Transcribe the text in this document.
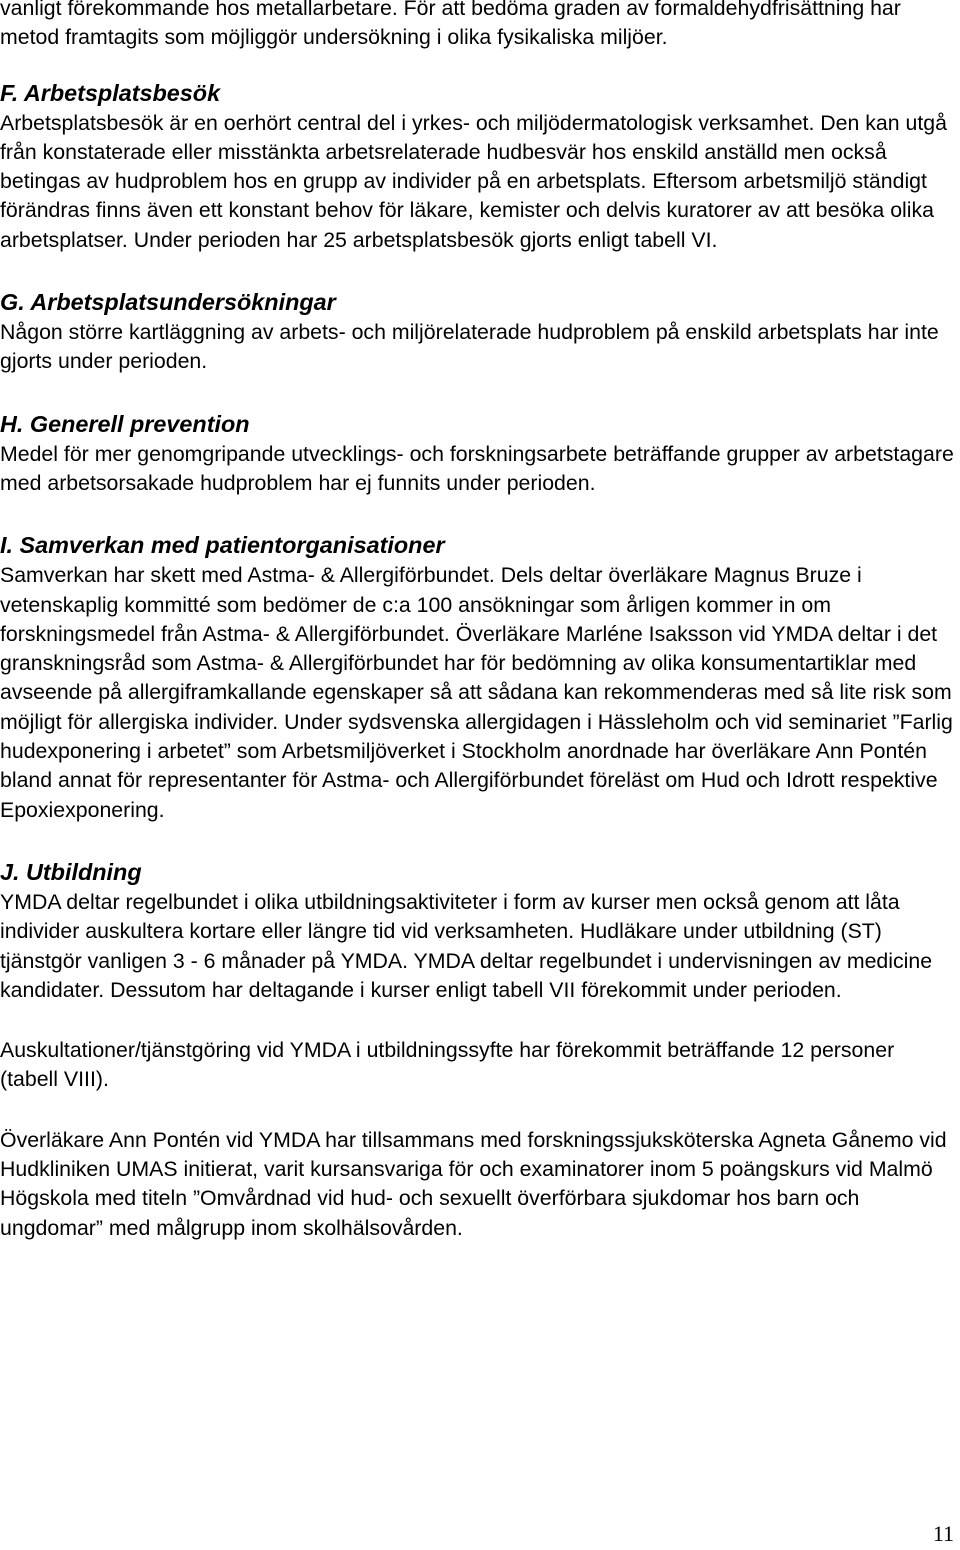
vanligt förekommande hos metallarbetare. För att bedöma graden av formaldehydfrisättning har metod framtagits som möjliggör undersökning i olika fysikaliska miljöer.

F. Arbetsplatsbesök

Arbetsplatsbesök är en oerhört central del i yrkes- och miljödermatologisk verksamhet. Den kan utgå från konstaterade eller misstänkta arbetsrelaterade hudbesvär hos enskild anställd men också betingas av hudproblem hos en grupp av individer på en arbetsplats. Eftersom arbetsmiljö ständigt förändras finns även ett konstant behov för läkare, kemister och delvis kuratorer av att besöka olika arbetsplatser. Under perioden har 25 arbetsplatsbesök gjorts enligt tabell VI.

G. Arbetsplatsundersökningar

Någon större kartläggning av arbets- och miljörelaterade hudproblem på enskild arbetsplats har inte gjorts under perioden.

H. Generell prevention

Medel för mer genomgripande utvecklings- och forskningsarbete beträffande grupper av arbetstagare med arbetsorsakade hudproblem har ej funnits under perioden.

I. Samverkan med patientorganisationer

Samverkan har skett med Astma- & Allergiförbundet. Dels deltar överläkare Magnus Bruze i vetenskaplig kommitté som bedömer de c:a 100 ansökningar som årligen kommer in om forskningsmedel från Astma- & Allergiförbundet. Överläkare Marléne Isaksson vid YMDA deltar i det granskningsråd som Astma- & Allergiförbundet har för bedömning av olika konsumentartiklar med avseende på allergiframkallande egenskaper så att sådana kan rekommenderas med så lite risk som möjligt för allergiska individer. Under sydsvenska allergidagen i Hässleholm och vid seminariet ”Farlig hudexponering i arbetet” som Arbetsmiljöverket i Stockholm anordnade har överläkare Ann Pontén bland annat för representanter för Astma- och Allergiförbundet föreläst om Hud och Idrott respektive Epoxiexponering.

J. Utbildning

YMDA deltar regelbundet i olika utbildningsaktiviteter i form av kurser men också genom att låta individer auskultera kortare eller längre tid vid verksamheten. Hudläkare under utbildning (ST) tjänstgör vanligen 3 - 6 månader på YMDA. YMDA deltar regelbundet i undervisningen av medicine kandidater. Dessutom har deltagande i kurser enligt tabell VII förekommit under perioden.

Auskultationer/tjänstgöring vid YMDA i utbildningssyfte har förekommit beträffande 12 personer (tabell VIII).

Överläkare Ann Pontén vid YMDA har tillsammans med forskningssjuksköterska Agneta Gånemo vid Hudkliniken UMAS initierat, varit kursansvariga för och examinatorer inom 5 poängskurs vid Malmö Högskola med titeln ”Omvårdnad vid hud- och sexuellt överförbara sjukdomar hos barn och ungdomar” med målgrupp inom skolhälsovården.

11
